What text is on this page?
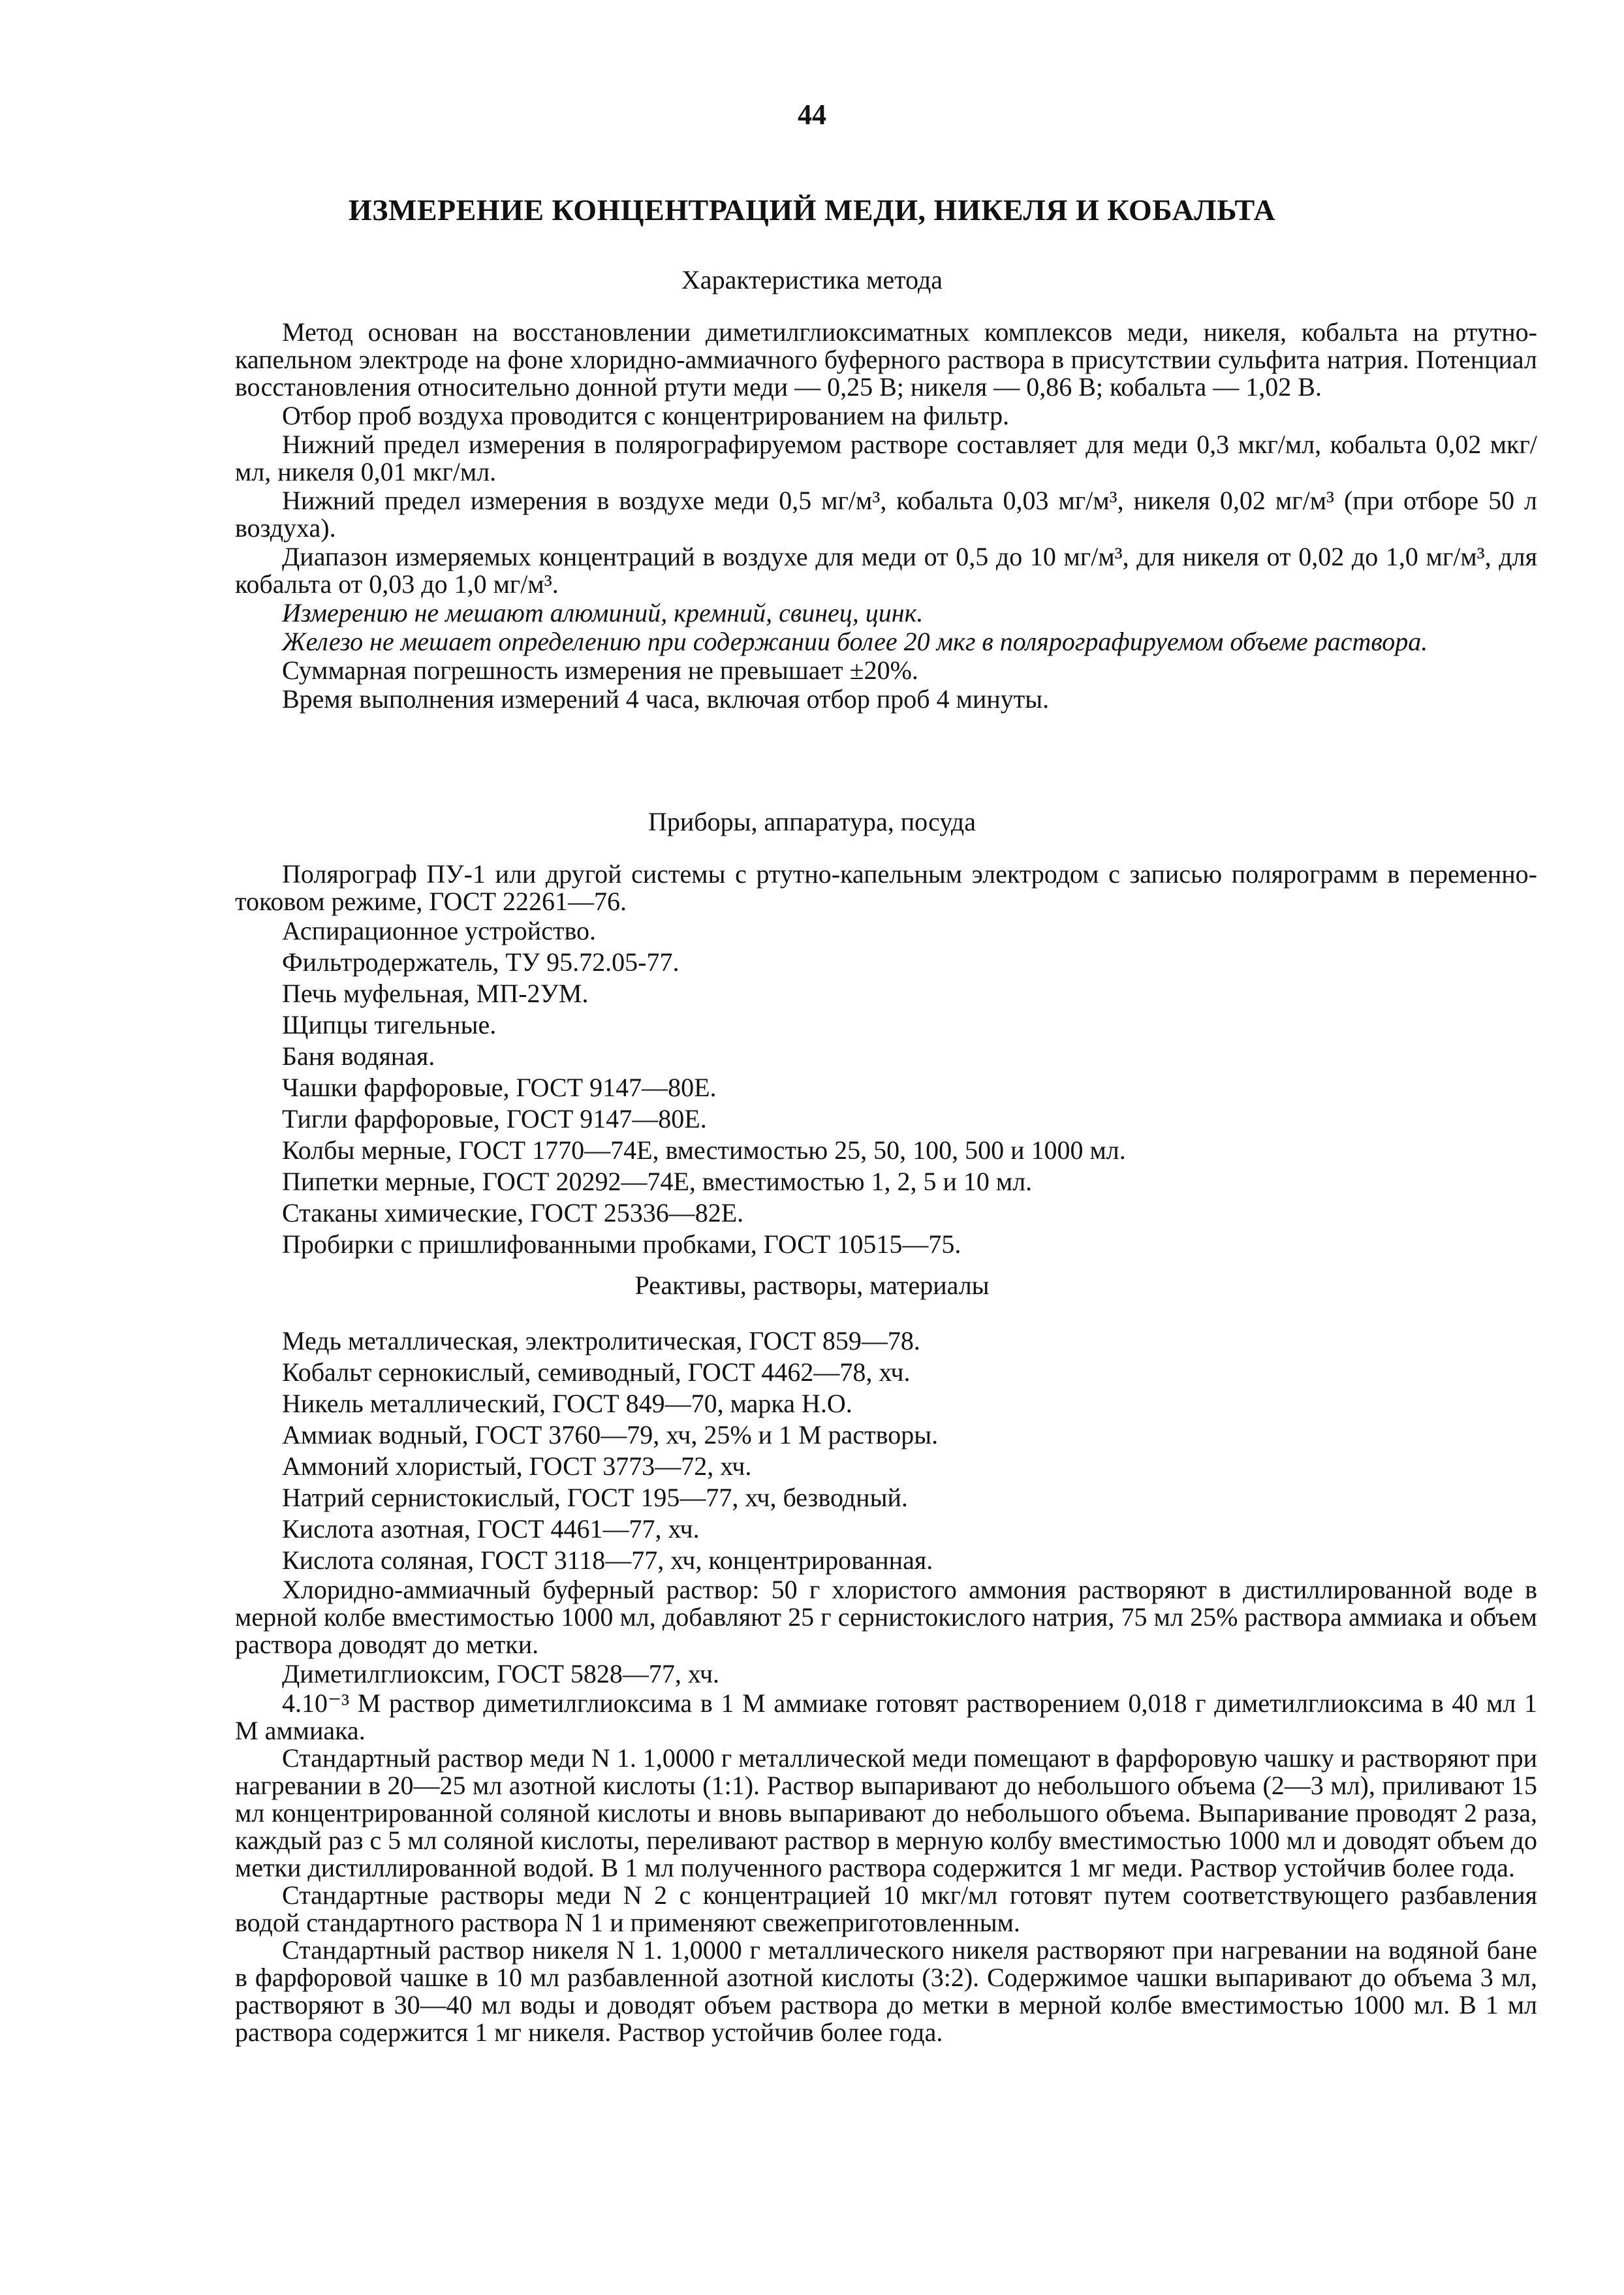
44
ИЗМЕРЕНИЕ КОНЦЕНТРАЦИЙ МЕДИ, НИКЕЛЯ И КОБАЛЬТА
Характеристика метода

Метод основан на восстановлении диметилглиоксиматных комплексов меди, никеля, кобальта на ртутно-капельном электроде на фоне хлоридно-аммиачного буферного раствора в присутствии сульфита натрия. Потенциал восстановления относительно донной ртути меди — 0,25 В; никеля — 0,86 В; кобальта — 1,02 В.

Отбор проб воздуха проводится с концентрированием на фильтр.

Нижний предел измерения в полярографируемом растворе составляет для меди 0,3 мкг/мл, кобальта 0,02 мкг/мл, никеля 0,01 мкг/мл.

Нижний предел измерения в воздухе меди 0,5 мг/м³, кобальта 0,03 мг/м³, никеля 0,02 мг/м³ (при отборе 50 л воздуха).

Диапазон измеряемых концентраций в воздухе для меди от 0,5 до 10 мг/м³, для никеля от 0,02 до 1,0 мг/м³, для кобальта от 0,03 до 1,0 мг/м³.

Измерению не мешают алюминий, кремний, свинец, цинк.

Железо не мешает определению при содержании более 20 мкг в полярографируемом объеме раствора.

Суммарная погрешность измерения не превышает ±20%.

Время выполнения измерений 4 часа, включая отбор проб 4 минуты.

Приборы, аппаратура, посуда

Полярограф ПУ-1 или другой системы с ртутно-капельным электродом с записью полярограмм в переменно-токовом режиме, ГОСТ 22261—76.

Аспирационное устройство.

Фильтродержатель, ТУ 95.72.05-77.

Печь муфельная, МП-2УМ.

Щипцы тигельные.

Баня водяная.

Чашки фарфоровые, ГОСТ 9147—80Е.

Тигли фарфоровые, ГОСТ 9147—80Е.

Колбы мерные, ГОСТ 1770—74Е, вместимостью 25, 50, 100, 500 и 1000 мл.

Пипетки мерные, ГОСТ 20292—74Е, вместимостью 1, 2, 5 и 10 мл.

Стаканы химические, ГОСТ 25336—82Е.

Пробирки с пришлифованными пробками, ГОСТ 10515—75.

Реактивы, растворы, материалы

Медь металлическая, электролитическая, ГОСТ 859—78.

Кобальт сернокислый, семиводный, ГОСТ 4462—78, хч.

Никель металлический, ГОСТ 849—70, марка Н.О.

Аммиак водный, ГОСТ 3760—79, хч, 25% и 1 М растворы.

Аммоний хлористый, ГОСТ 3773—72, хч.

Натрий сернистокислый, ГОСТ 195—77, хч, безводный.

Кислота азотная, ГОСТ 4461—77, хч.

Кислота соляная, ГОСТ 3118—77, хч, концентрированная.

Хлоридно-аммиачный буферный раствор: 50 г хлористого аммония растворяют в дистиллированной воде в мерной колбе вместимостью 1000 мл, добавляют 25 г сернистокислого натрия, 75 мл 25% раствора аммиака и объем раствора доводят до метки.

Диметилглиоксим, ГОСТ 5828—77, хч.

4.10⁻³ М раствор диметилглиоксима в 1 М аммиаке готовят растворением 0,018 г диметилглиоксима в 40 мл 1 М аммиака.

Стандартный раствор меди N 1. 1,0000 г металлической меди помещают в фарфоровую чашку и растворяют при нагревании в 20—25 мл азотной кислоты (1:1). Раствор выпаривают до небольшого объема (2—3 мл), приливают 15 мл концентрированной соляной кислоты и вновь выпаривают до небольшого объема. Выпаривание проводят 2 раза, каждый раз с 5 мл соляной кислоты, переливают раствор в мерную колбу вместимостью 1000 мл и доводят объем до метки дистиллированной водой. В 1 мл полученного раствора содержится 1 мг меди. Раствор устойчив более года.

Стандартные растворы меди N 2 с концентрацией 10 мкг/мл готовят путем соответствующего разбавления водой стандартного раствора N 1 и применяют свежеприготовленным.

Стандартный раствор никеля N 1. 1,0000 г металлического никеля растворяют при нагревании на водяной бане в фарфоровой чашке в 10 мл разбавленной азотной кислоты (3:2). Содержимое чашки выпаривают до объема 3 мл, растворяют в 30—40 мл воды и доводят объем раствора до метки в мерной колбе вместимостью 1000 мл. В 1 мл раствора содержится 1 мг никеля. Раствор устойчив более года.
